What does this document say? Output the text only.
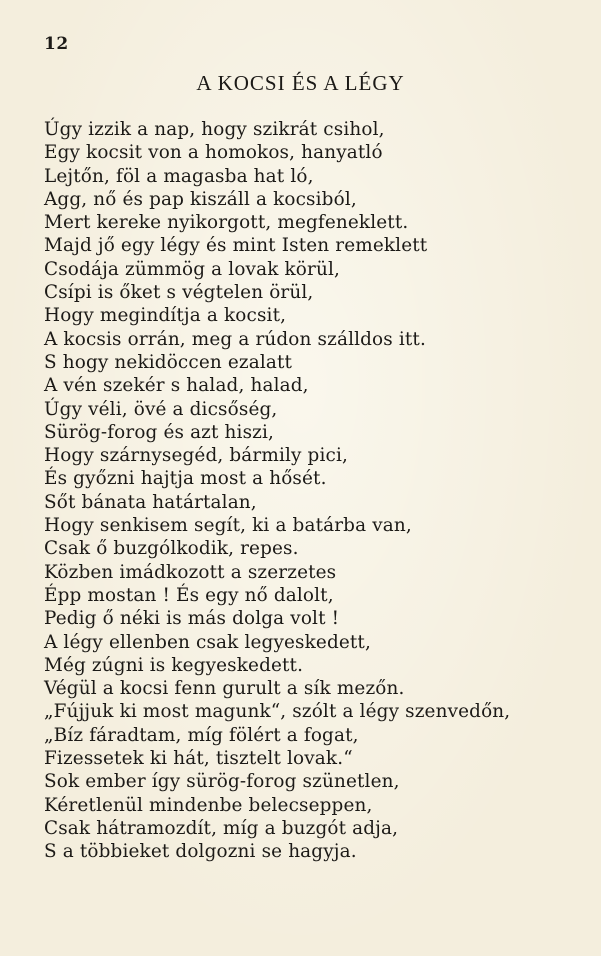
12
A KOCSI ÉS A LÉGY
Úgy izzik a nap, hogy szikrát csihol,
Egy kocsit von a homokos, hanyatló
Lejtőn, föl a magasba hat ló,
Agg, nő és pap kiszáll a kocsiból,
Mert kereke nyikorgott, megfeneklett.
Majd jő egy légy és mint Isten remeklett
Csodája zümmög a lovak körül,
Csípi is őket s végtelen örül,
Hogy megindítja a kocsit,
A kocsis orrán, meg a rúdon szálldos itt.
S hogy nekidöccen ezalatt
A vén szekér s halad, halad,
Úgy véli, övé a dicsőség,
Sürög-forog és azt hiszi,
Hogy szárnysegéd, bármily pici,
És győzni hajtja most a hősét.
Sőt bánata határtalan,
Hogy senkisem segít, ki a batárba van,
Csak ő buzgólkodik, repes.
Közben imádkozott a szerzetes
Épp mostan ! És egy nő dalolt,
Pedig ő néki is más dolga volt !
A légy ellenben csak legyeskedett,
Még zúgni is kegyeskedett.
Végül a kocsi fenn gurult a sík mezőn.
„Fújjuk ki most magunk“, szólt a légy szenvedőn,
„Bíz fáradtam, míg fölért a fogat,
Fizessetek ki hát, tisztelt lovak.“
Sok ember így sürög-forog szünetlen,
Kéretlenül mindenbe belecseppen,
Csak hátramozdít, míg a buzgót adja,
S a többieket dolgozni se hagyja.
